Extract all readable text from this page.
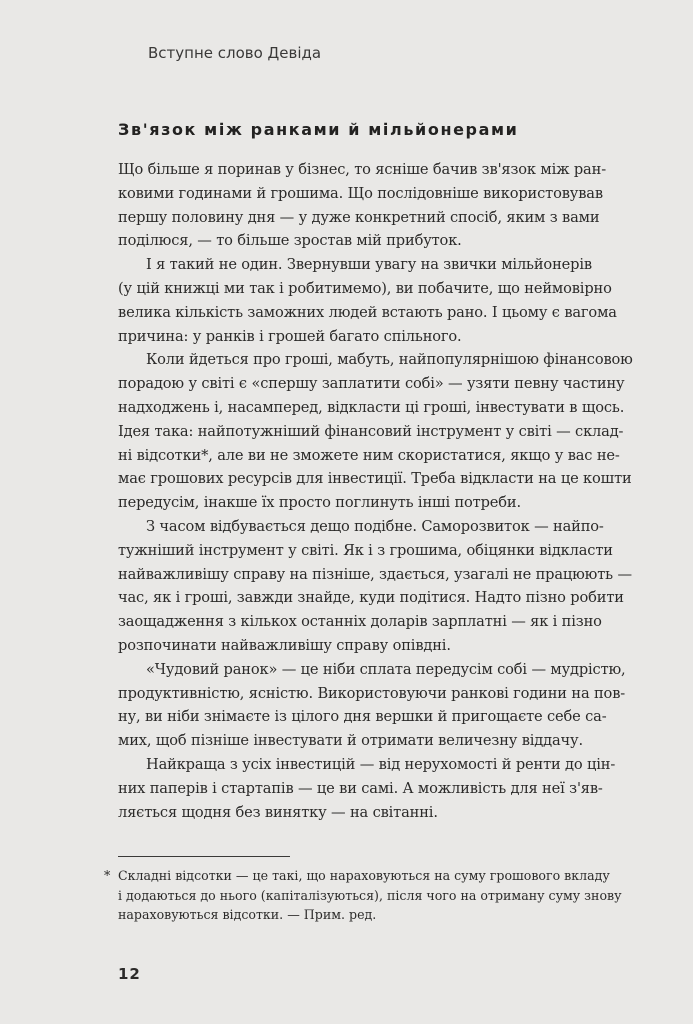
Вступне слово Девіда
Зв'язок між ранками й мільйонерами
Що більше я поринав у бізнес, то ясніше бачив зв'язок між ран-
ковими годинами й грошима. Що послідовніше використовував
першу половину дня — у дуже конкретний спосіб, яким з вами
поділюся, — то більше зростав мій прибуток.
І я такий не один. Звернувши увагу на звички мільйонерів
(у цій книжці ми так і робитимемо), ви побачите, що неймовірно
велика кількість заможних людей встають рано. І цьому є вагома
причина: у ранків і грошей багато спільного.
Коли йдеться про гроші, мабуть, найпопулярнішою фінансовою
порадою у світі є «спершу заплатити собі» — узяти певну частину
надходжень і, насамперед, відкласти ці гроші, інвестувати в щось.
Ідея така: найпотужніший фінансовий інструмент у світі — склад-
ні відсотки*, але ви не зможете ним скористатися, якщо у вас не-
має грошових ресурсів для інвестиції. Треба відкласти на це кошти
передусім, інакше їх просто поглинуть інші потреби.
З часом відбувається дещо подібне. Саморозвиток — найпо-
тужніший інструмент у світі. Як і з грошима, обіцянки відкласти
найважливішу справу на пізніше, здається, узагалі не працюють —
час, як і гроші, завжди знайде, куди подітися. Надто пізно робити
заощадження з кількох останніх доларів зарплатні — як і пізно
розпочинати найважливішу справу опівдні.
«Чудовий ранок» — це ніби сплата передусім собі — мудрістю,
продуктивністю, ясністю. Використовуючи ранкові години на пов-
ну, ви ніби знімаєте із цілого дня вершки й пригощаєте себе са-
мих, щоб пізніше інвестувати й отримати величезну віддачу.
Найкраща з усіх інвестицій — від нерухомості й ренти до цін-
них паперів і стартапів — це ви самі. А можливість для неї з'яв-
ляється щодня без винятку — на світанні.
* Складні відсотки — це такі, що нараховуються на суму грошового вкладу
і додаються до нього (капіталізуються), після чого на отриману суму знову
нараховуються відсотки. — Прим. ред.
12
